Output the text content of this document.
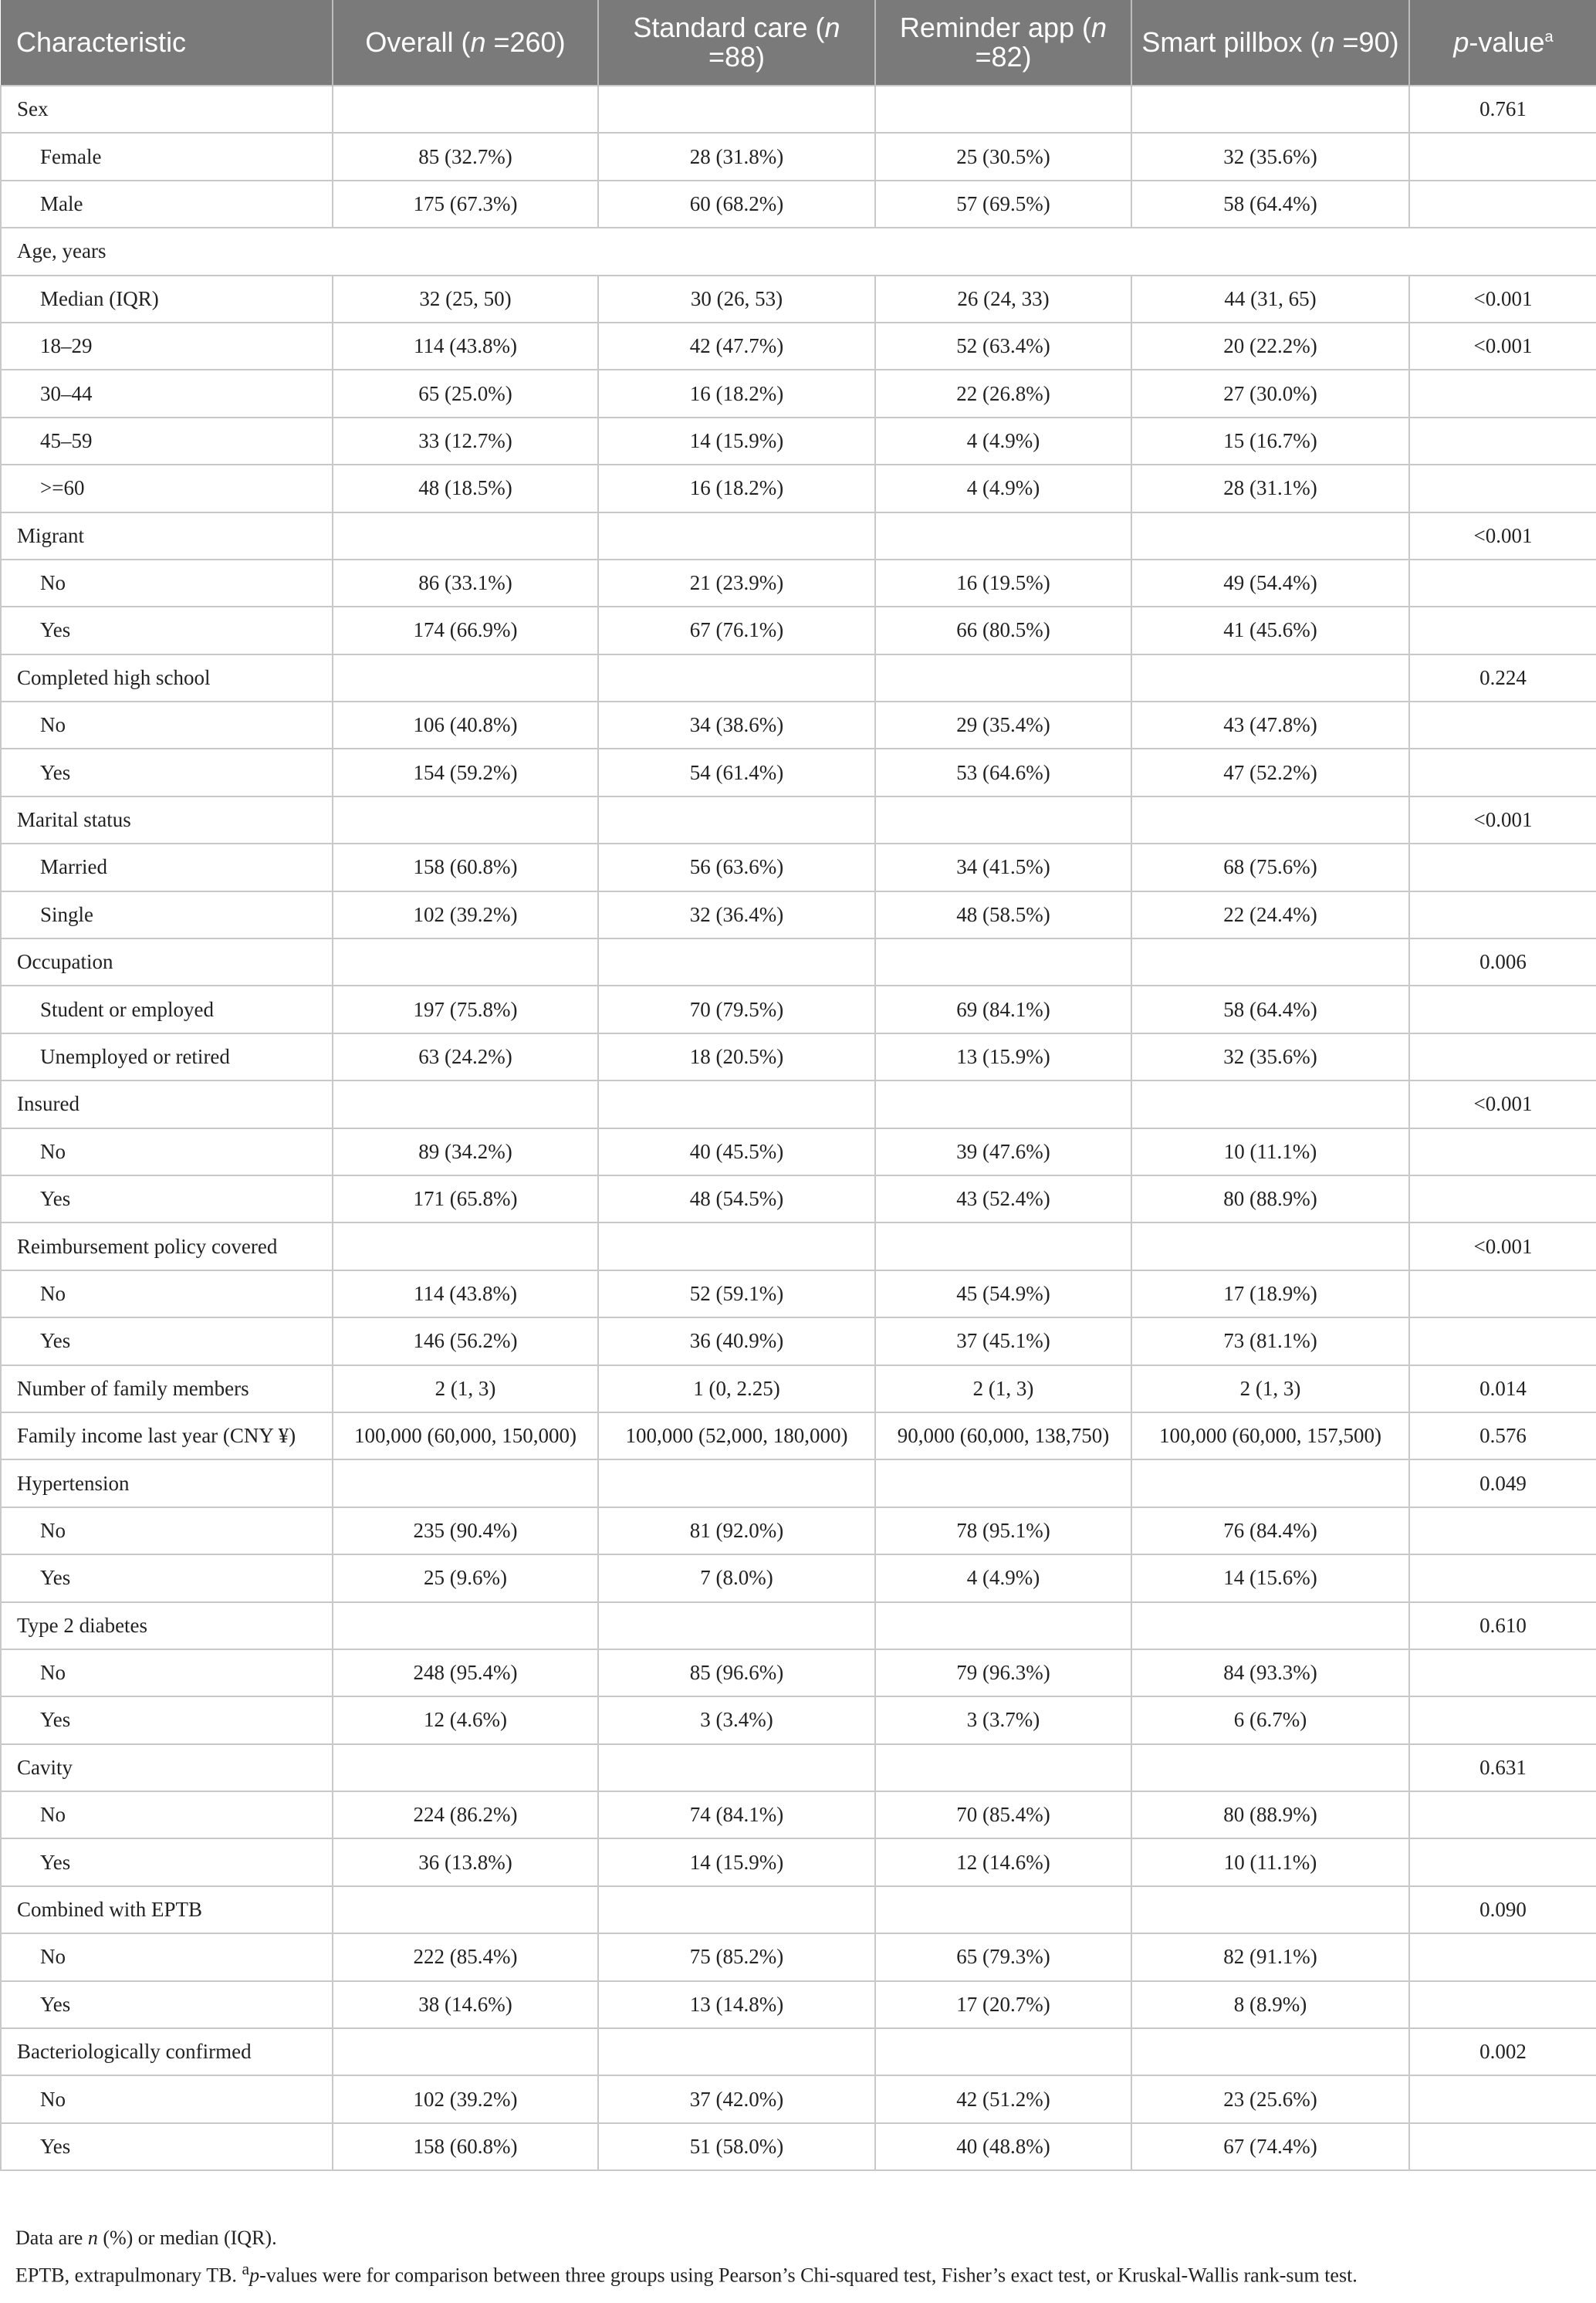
Characteristic	Overall (n =260)	Standard care (n =88)	Reminder app (n =82)	Smart pillbox (n =90)	p-value$^a$
Sex					0.761
Female	85 (32.7%)	28 (31.8%)	25 (30.5%)	32 (35.6%)	
Male	175 (67.3%)	60 (68.2%)	57 (69.5%)	58 (64.4%)	
Age, years					
Median (IQR)	32 (25, 50)	30 (26, 53)	26 (24, 33)	44 (31, 65)	<0.001
18–29	114 (43.8%)	42 (47.7%)	52 (63.4%)	20 (22.2%)	<0.001
30–44	65 (25.0%)	16 (18.2%)	22 (26.8%)	27 (30.0%)	
45–59	33 (12.7%)	14 (15.9%)	4 (4.9%)	15 (16.7%)	
>=60	48 (18.5%)	16 (18.2%)	4 (4.9%)	28 (31.1%)	
Migrant					<0.001
No	86 (33.1%)	21 (23.9%)	16 (19.5%)	49 (54.4%)	
Yes	174 (66.9%)	67 (76.1%)	66 (80.5%)	41 (45.6%)	
Completed high school					0.224
No	106 (40.8%)	34 (38.6%)	29 (35.4%)	43 (47.8%)	
Yes	154 (59.2%)	54 (61.4%)	53 (64.6%)	47 (52.2%)	
Marital status					<0.001
Married	158 (60.8%)	56 (63.6%)	34 (41.5%)	68 (75.6%)	
Single	102 (39.2%)	32 (36.4%)	48 (58.5%)	22 (24.4%)	
Occupation					0.006
Student or employed	197 (75.8%)	70 (79.5%)	69 (84.1%)	58 (64.4%)	
Unemployed or retired	63 (24.2%)	18 (20.5%)	13 (15.9%)	32 (35.6%)	
Insured					<0.001
No	89 (34.2%)	40 (45.5%)	39 (47.6%)	10 (11.1%)	
Yes	171 (65.8%)	48 (54.5%)	43 (52.4%)	80 (88.9%)	
Reimbursement policy covered					<0.001
No	114 (43.8%)	52 (59.1%)	45 (54.9%)	17 (18.9%)	
Yes	146 (56.2%)	36 (40.9%)	37 (45.1%)	73 (81.1%)	
Number of family members	2 (1, 3)	1 (0, 2.25)	2 (1, 3)	2 (1, 3)	0.014
Family income last year (CNY ¥)	100,000 (60,000, 150,000)	100,000 (52,000, 180,000)	90,000 (60,000, 138,750)	100,000 (60,000, 157,500)	0.576
Hypertension					0.049
No	235 (90.4%)	81 (92.0%)	78 (95.1%)	76 (84.4%)	
Yes	25 (9.6%)	7 (8.0%)	4 (4.9%)	14 (15.6%)	
Type 2 diabetes					0.610
No	248 (95.4%)	85 (96.6%)	79 (96.3%)	84 (93.3%)	
Yes	12 (4.6%)	3 (3.4%)	3 (3.7%)	6 (6.7%)	
Cavity					0.631
No	224 (86.2%)	74 (84.1%)	70 (85.4%)	80 (88.9%)	
Yes	36 (13.8%)	14 (15.9%)	12 (14.6%)	10 (11.1%)	
Combined with EPTB					0.090
No	222 (85.4%)	75 (85.2%)	65 (79.3%)	82 (91.1%)	
Yes	38 (14.6%)	13 (14.8%)	17 (20.7%)	8 (8.9%)	
Bacteriologically confirmed					0.002
No	102 (39.2%)	37 (42.0%)	42 (51.2%)	23 (25.6%)	
Yes	158 (60.8%)	51 (58.0%)	40 (48.8%)	67 (74.4%)	

Data are n (%) or median (IQR).

EPTB, extrapulmonary TB. $^a$p-values were for comparison between three groups using Pearson’s Chi-squared test, Fisher’s exact test, or Kruskal-Wallis rank-sum test.
